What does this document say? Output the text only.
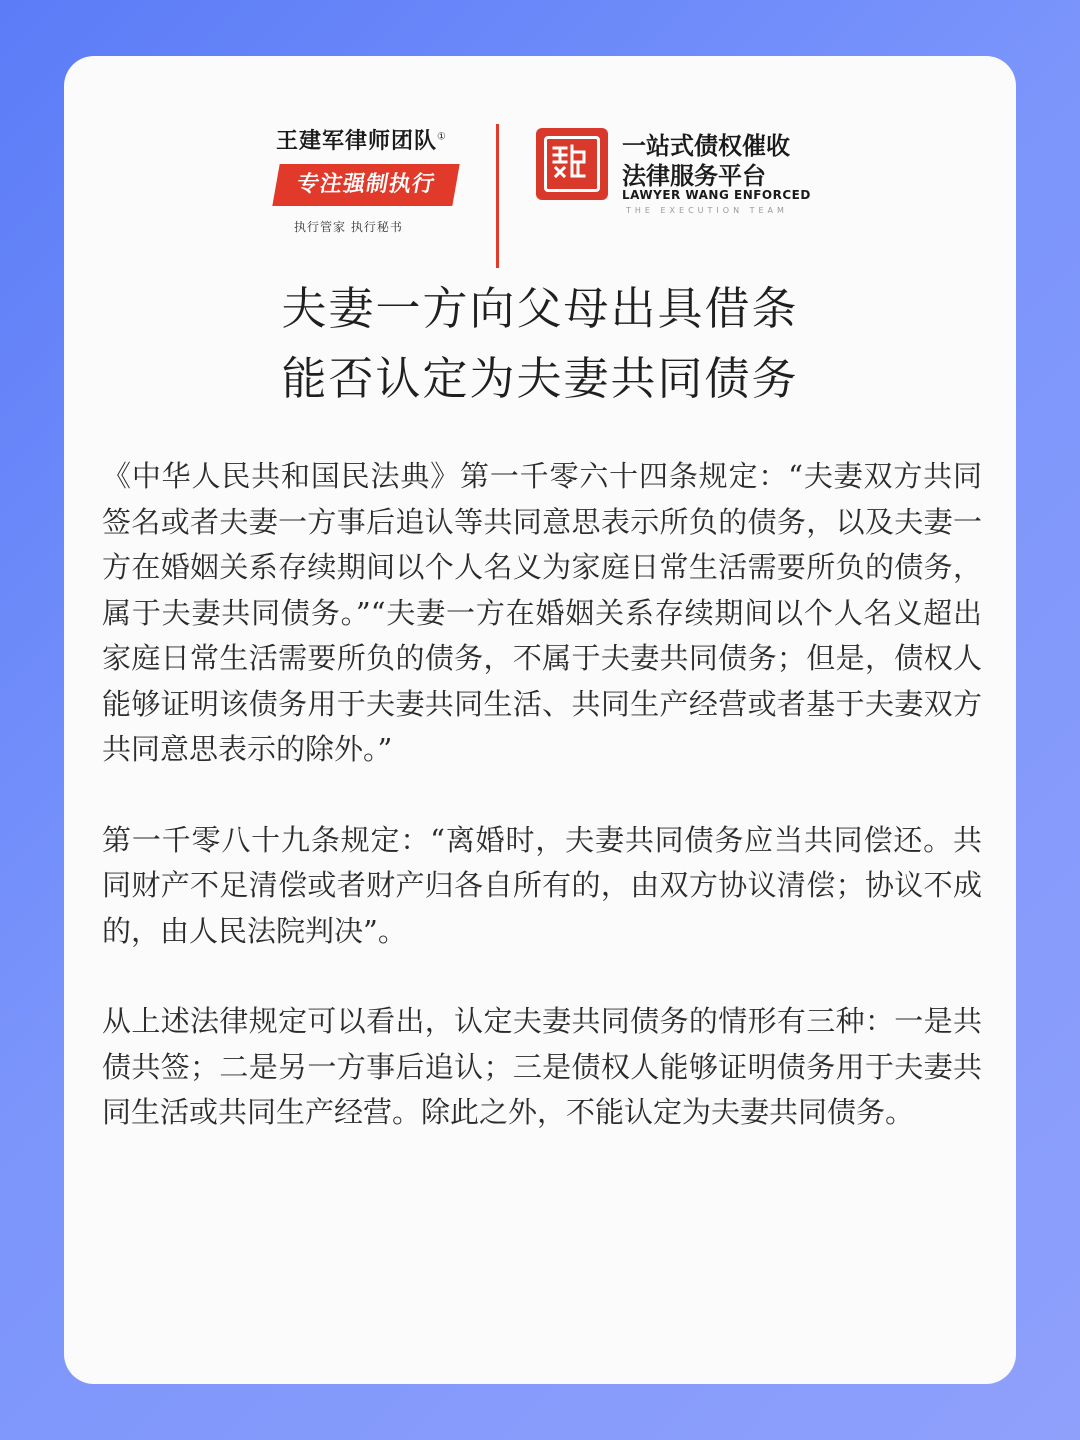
王建军律师团队①
专注强制执行
执行管家 执行秘书
一站式债权催收
法律服务平台
LAWYER WANG ENFORCED
THE EXECUTION TEAM
夫妻一方向父母出具借条
能否认定为夫妻共同债务

《中华人民共和国民法典》第一千零六十四条规定：“夫妻双方共同签名或者夫妻一方事后追认等共同意思表示所负的债务，以及夫妻一方在婚姻关系存续期间以个人名义为家庭日常生活需要所负的债务，属于夫妻共同债务。”“夫妻一方在婚姻关系存续期间以个人名义超出家庭日常生活需要所负的债务，不属于夫妻共同债务；但是，债权人能够证明该债务用于夫妻共同生活、共同生产经营或者基于夫妻双方共同意思表示的除外。”

第一千零八十九条规定：“离婚时，夫妻共同债务应当共同偿还。共同财产不足清偿或者财产归各自所有的，由双方协议清偿；协议不成的，由人民法院判决”。

从上述法律规定可以看出，认定夫妻共同债务的情形有三种：一是共债共签；二是另一方事后追认；三是债权人能够证明债务用于夫妻共同生活或共同生产经营。除此之外，不能认定为夫妻共同债务。
